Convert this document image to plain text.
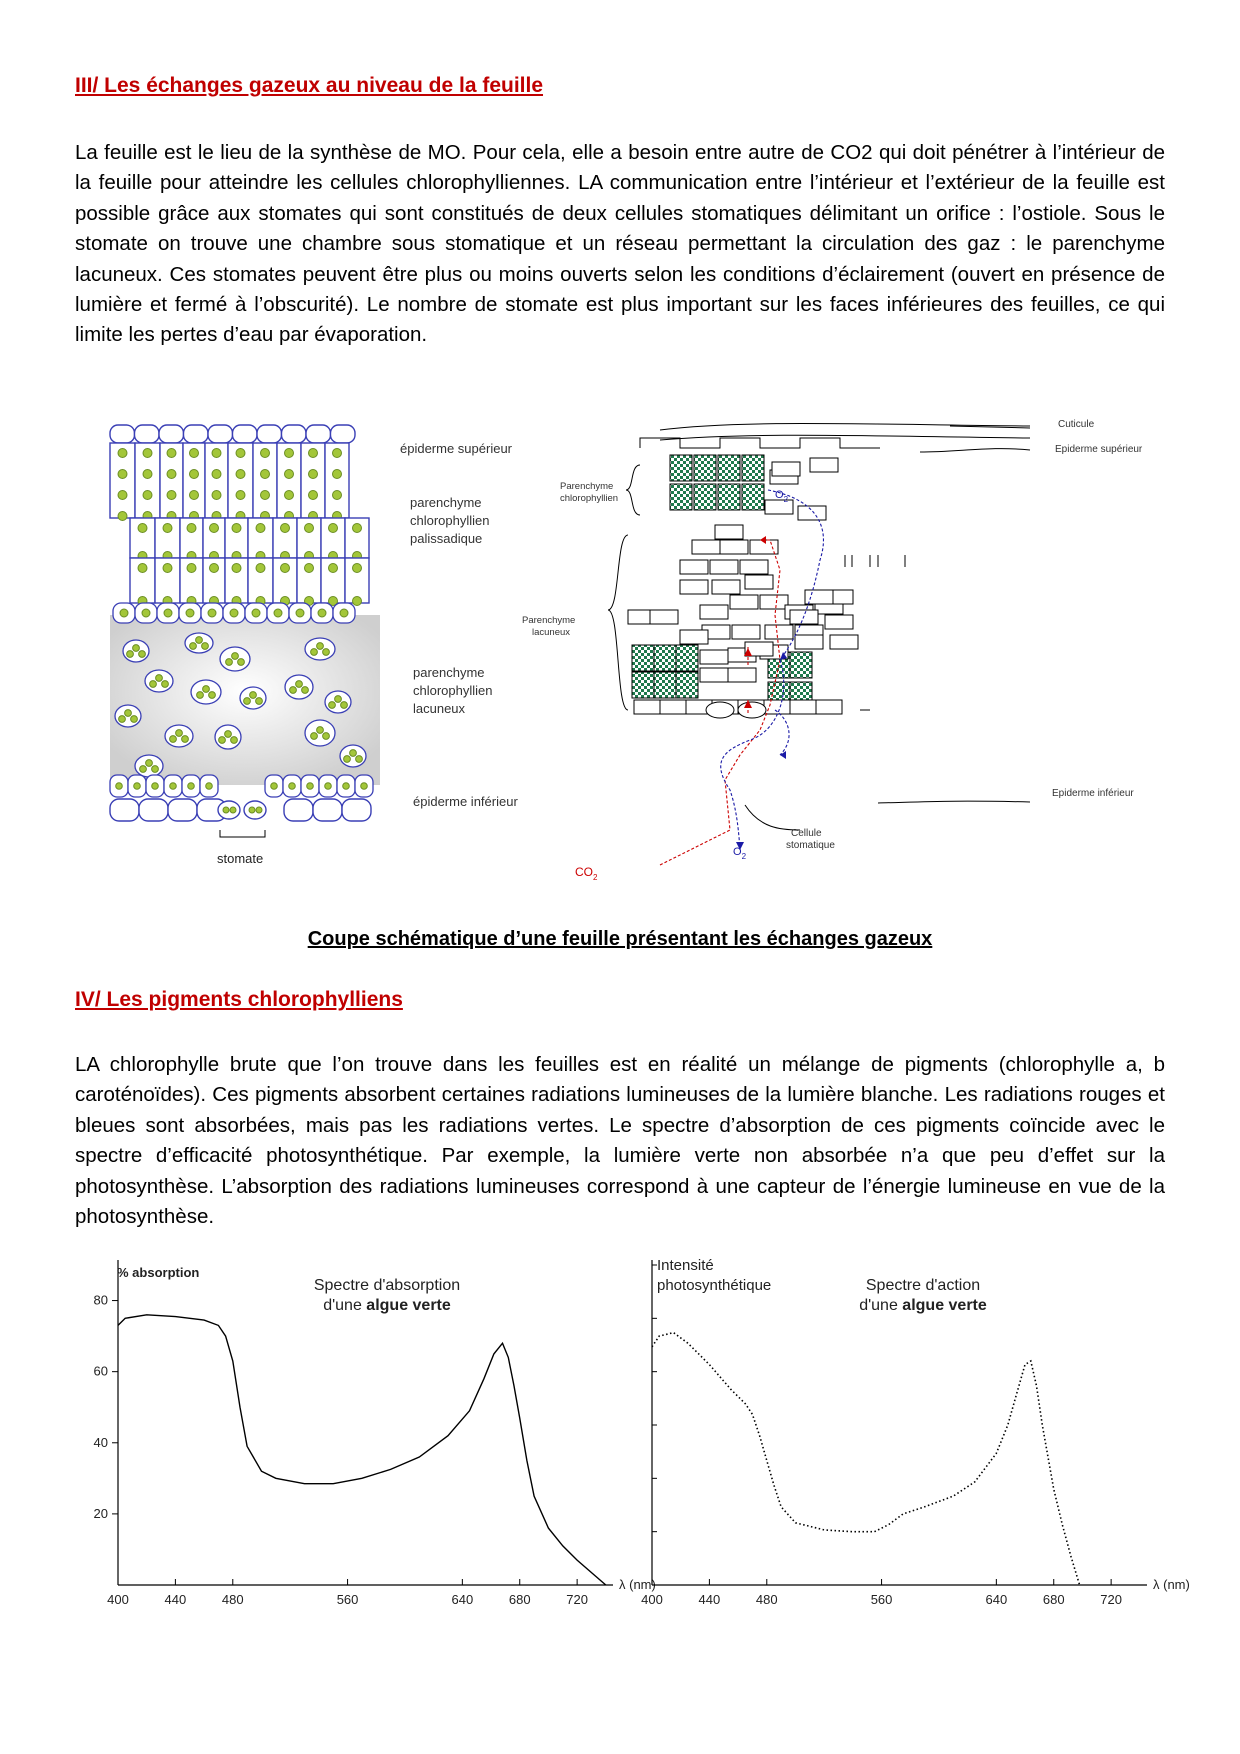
III/ Les échanges gazeux au niveau de la feuille

La feuille est le lieu de la synthèse de MO. Pour cela, elle a besoin entre autre de CO2 qui doit pénétrer à l’intérieur de la feuille pour atteindre les cellules chlorophylliennes. LA communication entre l’intérieur et l’extérieur de la feuille est possible grâce aux stomates qui sont constitués de deux cellules stomatiques délimitant un orifice : l’ostiole. Sous le stomate on trouve une chambre sous stomatique et un réseau permettant la circulation des gaz : le parenchyme lacuneux. Ces stomates peuvent être plus ou moins ouverts selon les conditions d’éclairement (ouvert en présence de lumière et fermé à l’obscurité). Le nombre de stomate est plus important sur les faces inférieures des feuilles, ce qui limite les pertes d’eau par évaporation.

stomate
épiderme supérieur
parenchyme
chlorophyllien
palissadique
parenchyme
chlorophyllien
lacuneux
épiderme inférieur
Cuticule
Epiderme supérieur
Parenchyme
chlorophyllien
Parenchyme
lacuneux
Epiderme inférieur
Cellule
stomatique
$CO_2$
$O_2$
$O_2$

Coupe schématique d’une feuille présentant les échanges gazeux

IV/ Les pigments chlorophylliens

LA chlorophylle brute que l’on trouve dans les feuilles est en réalité un mélange de pigments (chlorophylle a, b caroténoïdes). Ces pigments absorbent certaines radiations lumineuses de la lumière blanche. Les radiations rouges et bleues sont absorbées, mais pas les radiations vertes. Le spectre d’absorption de ces pigments coïncide avec le spectre d’efficacité photosynthétique. Par exemple, la lumière verte non absorbée n’a que peu d’effet sur la photosynthèse. L’absorption des radiations lumineuses correspond à une capteur de l’énergie lumineuse en vue de la photosynthèse.

400	440	480	560	640	680	720
20
40
60
80
λ (nm)
Spectre d'absorption
d'une algue verte
% absorption
400	440	480	560	640	680	720
λ (nm)
Spectre d'action
d'une algue verte
Intensité
photosynthétique
